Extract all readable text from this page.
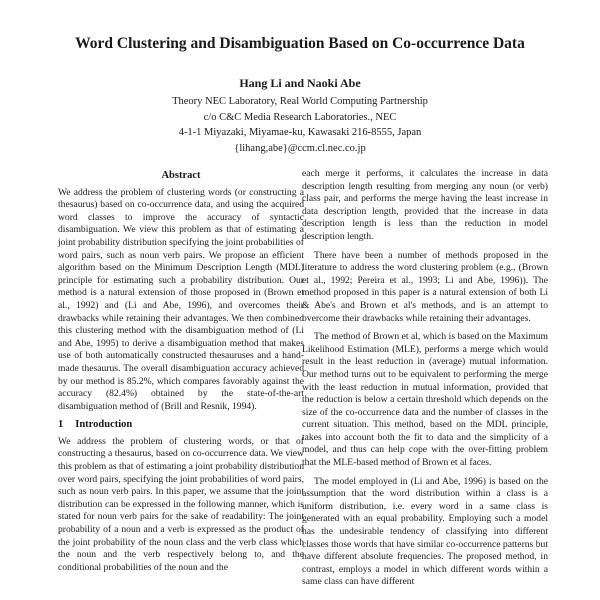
Word Clustering and Disambiguation Based on Co-occurrence Data
Hang Li and Naoki Abe
Theory NEC Laboratory, Real World Computing Partnership
c/o C&C Media Research Laboratories., NEC
4-1-1 Miyazaki, Miyamae-ku, Kawasaki 216-8555, Japan
{lihang,abe}@ccm.cl.nec.co.jp
Abstract

We address the problem of clustering words (or constructing a thesaurus) based on co-occurrence data, and using the acquired word classes to improve the accuracy of syntactic disambiguation. We view this problem as that of estimating a joint probability distribution specifying the joint probabilities of word pairs, such as noun verb pairs. We propose an efficient algorithm based on the Minimum Description Length (MDL) principle for estimating such a probability distribution. Our method is a natural extension of those proposed in (Brown et al., 1992) and (Li and Abe, 1996), and overcomes their drawbacks while retaining their advantages. We then combined this clustering method with the disambiguation method of (Li and Abe, 1995) to derive a disambiguation method that makes use of both automatically constructed thesauruses and a hand-made thesaurus. The overall disambiguation accuracy achieved by our method is 85.2%, which compares favorably against the accuracy (82.4%) obtained by the state-of-the-art disambiguation method of (Brill and Resnik, 1994).

1 Introduction

We address the problem of clustering words, or that of constructing a thesaurus, based on co-occurrence data. We view this problem as that of estimating a joint probability distribution over word pairs, specifying the joint probabilities of word pairs, such as noun verb pairs. In this paper, we assume that the joint distribution can be expressed in the following manner, which is stated for noun verb pairs for the sake of readability: The joint probability of a noun and a verb is expressed as the product of the joint probability of the noun class and the verb class which the noun and the verb respectively belong to, and the conditional probabilities of the noun and the

each merge it performs, it calculates the increase in data description length resulting from merging any noun (or verb) class pair, and performs the merge having the least increase in data description length, provided that the increase in data description length is less than the reduction in model description length.

There have been a number of methods proposed in the literature to address the word clustering problem (e.g., (Brown et al., 1992; Pereira et al., 1993; Li and Abe, 1996)). The method proposed in this paper is a natural extension of both Li & Abe's and Brown et al's methods, and is an attempt to overcome their drawbacks while retaining their advantages.

The method of Brown et al, which is based on the Maximum Likelihood Estimation (MLE), performs a merge which would result in the least reduction in (average) mutual information. Our method turns out to be equivalent to performing the merge with the least reduction in mutual information, provided that the reduction is below a certain threshold which depends on the size of the co-occurrence data and the number of classes in the current situation. This method, based on the MDL principle, takes into account both the fit to data and the simplicity of a model, and thus can help cope with the over-fitting problem that the MLE-based method of Brown et al faces.

The model employed in (Li and Abe, 1996) is based on the assumption that the word distribution within a class is a uniform distribution, i.e. every word in a same class is generated with an equal probability. Employing such a model has the undesirable tendency of classifying into different classes those words that have similar co-occurrence patterns but have different absolute frequencies. The proposed method, in contrast, employs a model in which different words within a same class can have different
